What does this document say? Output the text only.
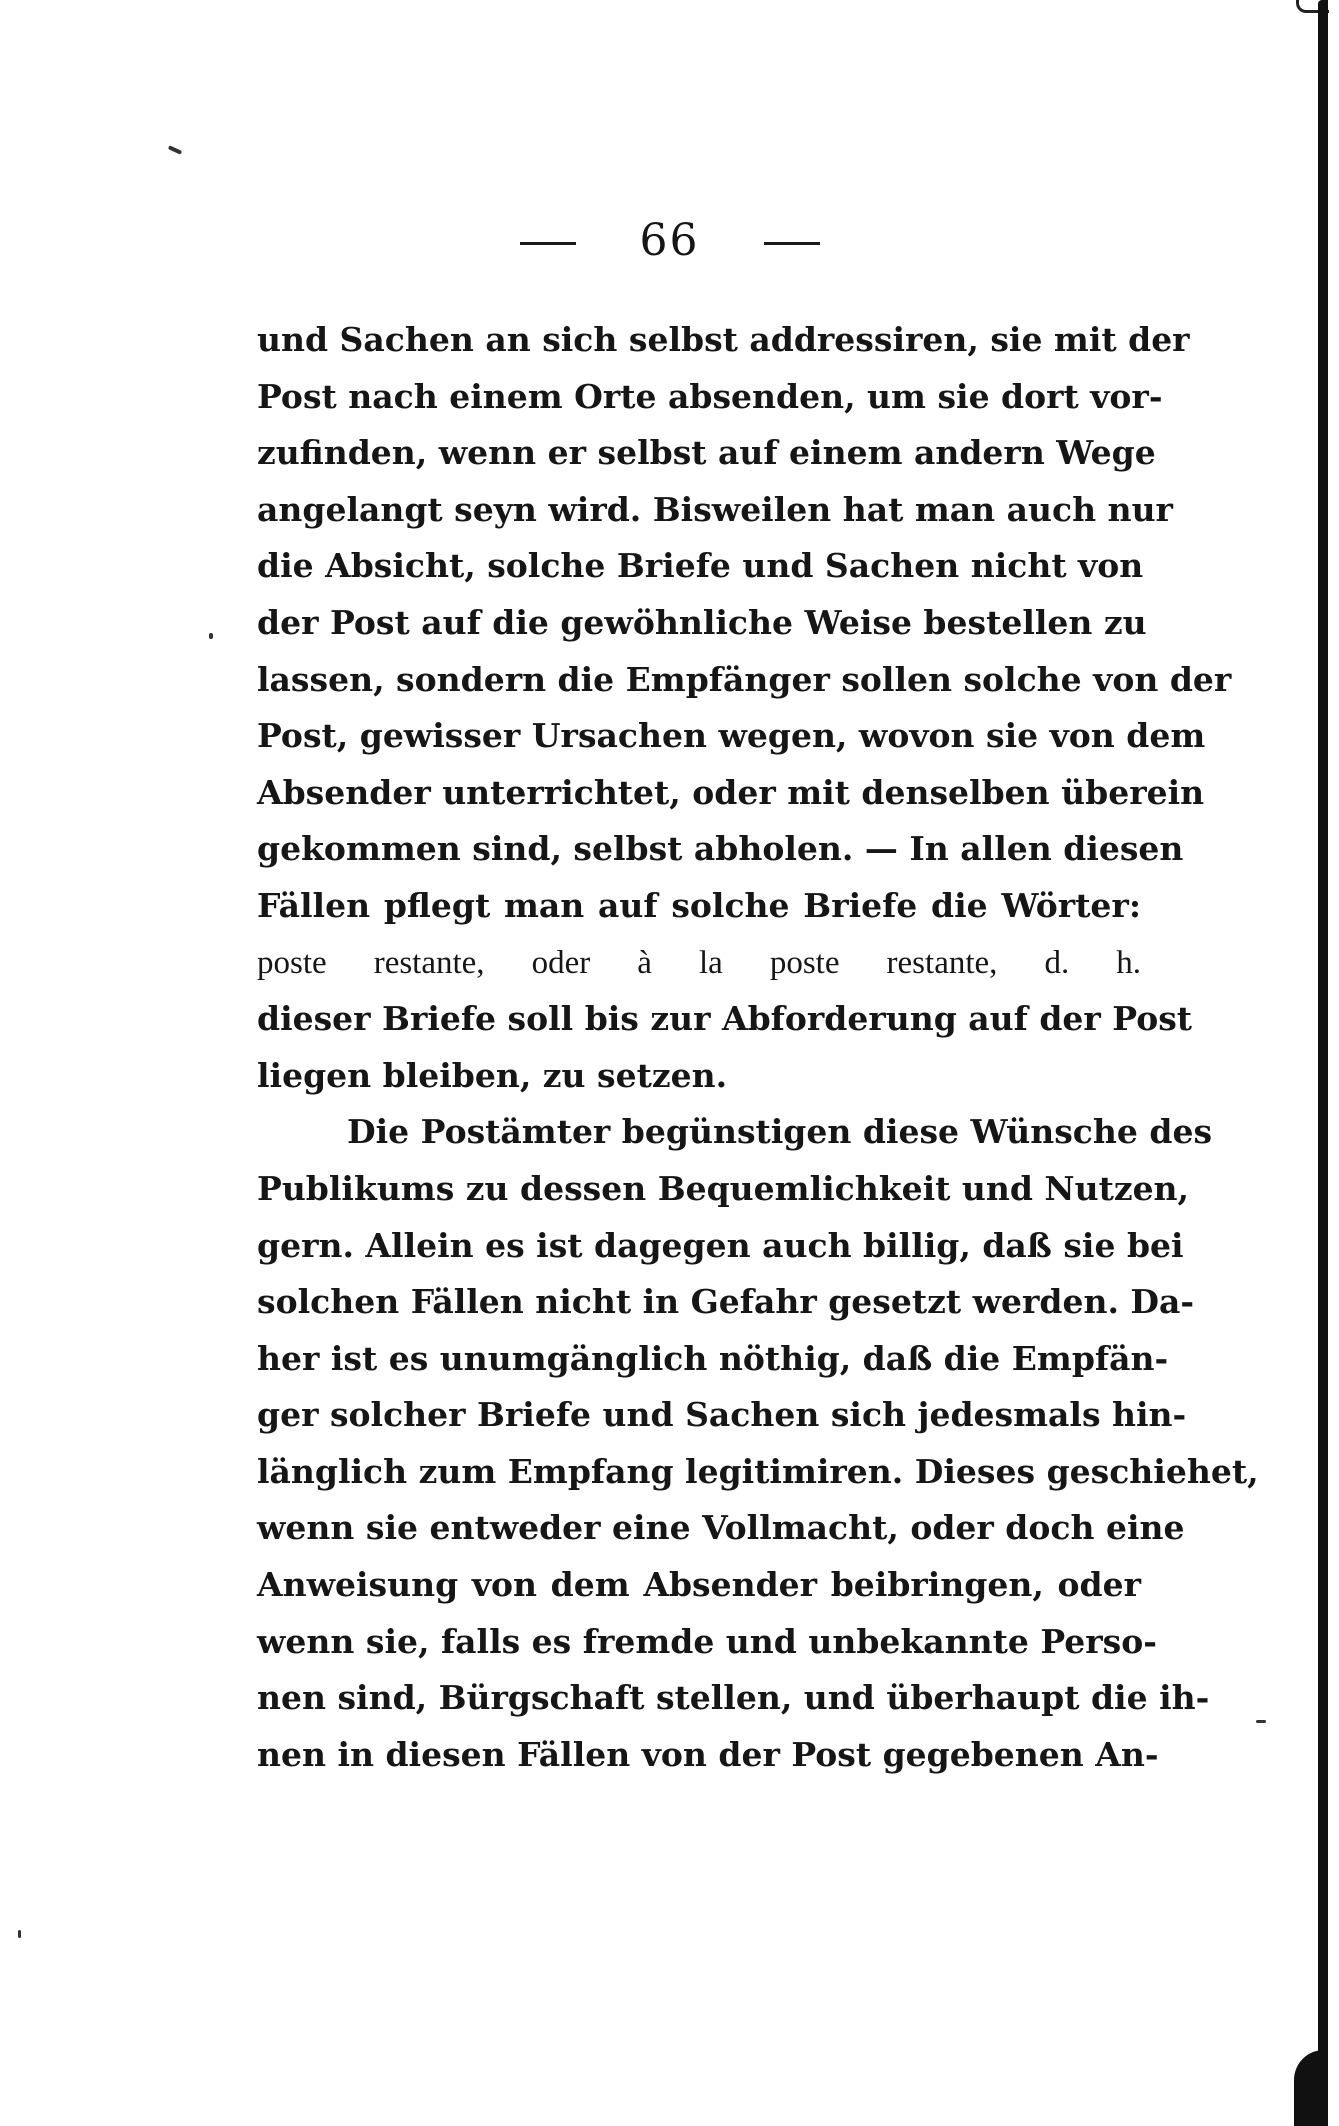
66
und Sachen an sich selbst addressiren, sie mit der
Post nach einem Orte absenden, um sie dort vor-
zufinden, wenn er selbst auf einem andern Wege
angelangt seyn wird. Bisweilen hat man auch nur
die Absicht, solche Briefe und Sachen nicht von
der Post auf die gewöhnliche Weise bestellen zu
lassen, sondern die Empfänger sollen solche von der
Post, gewisser Ursachen wegen, wovon sie von dem
Absender unterrichtet, oder mit denselben überein
gekommen sind, selbst abholen. — In allen diesen
Fällen pflegt man auf solche Briefe die Wörter:
poste restante, oder à la poste restante, d. h.
dieser Briefe soll bis zur Abforderung auf der Post
liegen bleiben, zu setzen.
Die Postämter begünstigen diese Wünsche des
Publikums zu dessen Bequemlichkeit und Nutzen,
gern. Allein es ist dagegen auch billig, daß sie bei
solchen Fällen nicht in Gefahr gesetzt werden. Da-
her ist es unumgänglich nöthig, daß die Empfän-
ger solcher Briefe und Sachen sich jedesmals hin-
länglich zum Empfang legitimiren. Dieses geschiehet,
wenn sie entweder eine Vollmacht, oder doch eine
Anweisung von dem Absender beibringen, oder
wenn sie, falls es fremde und unbekannte Perso-
nen sind, Bürgschaft stellen, und überhaupt die ih-
nen in diesen Fällen von der Post gegebenen An-
